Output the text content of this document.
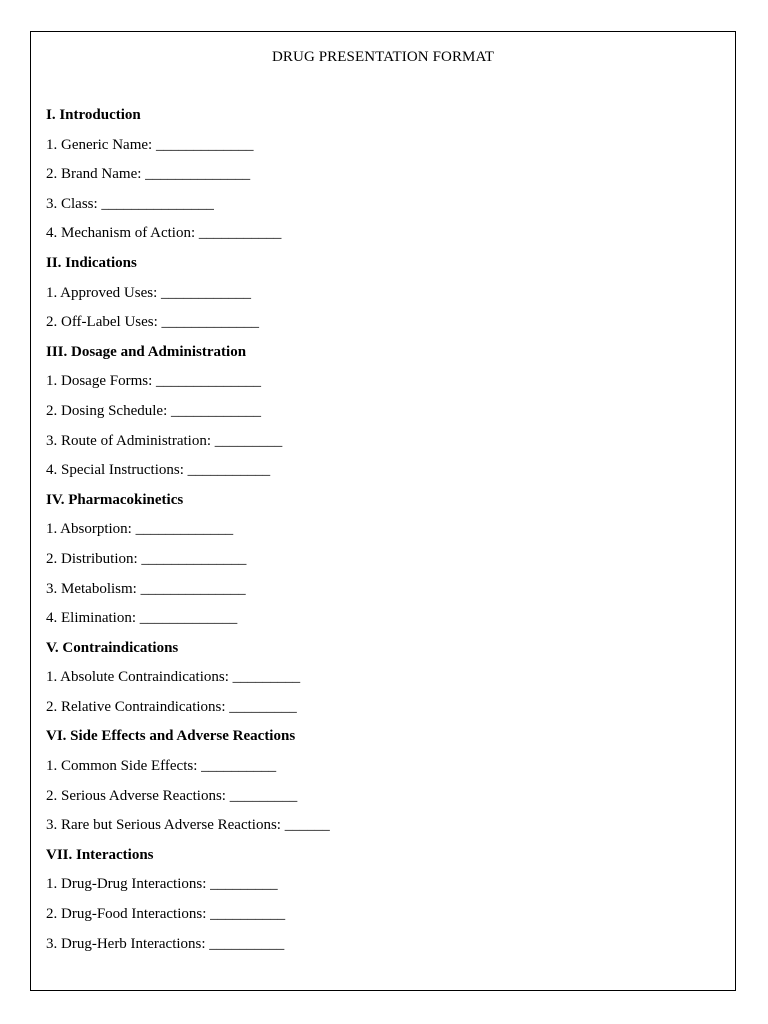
DRUG PRESENTATION FORMAT
I. Introduction
1. Generic Name: _____________
2. Brand Name: ______________
3. Class: _______________
4. Mechanism of Action: ___________
II. Indications
1. Approved Uses: ____________
2. Off-Label Uses: _____________
III. Dosage and Administration
1. Dosage Forms: ______________
2. Dosing Schedule: ____________
3. Route of Administration: _________
4. Special Instructions: ___________
IV. Pharmacokinetics
1. Absorption: _____________
2. Distribution: ______________
3. Metabolism: ______________
4. Elimination: _____________
V. Contraindications
1. Absolute Contraindications: _________
2. Relative Contraindications: _________
VI. Side Effects and Adverse Reactions
1. Common Side Effects: __________
2. Serious Adverse Reactions: _________
3. Rare but Serious Adverse Reactions: ______
VII. Interactions
1. Drug-Drug Interactions: _________
2. Drug-Food Interactions: __________
3. Drug-Herb Interactions: __________
